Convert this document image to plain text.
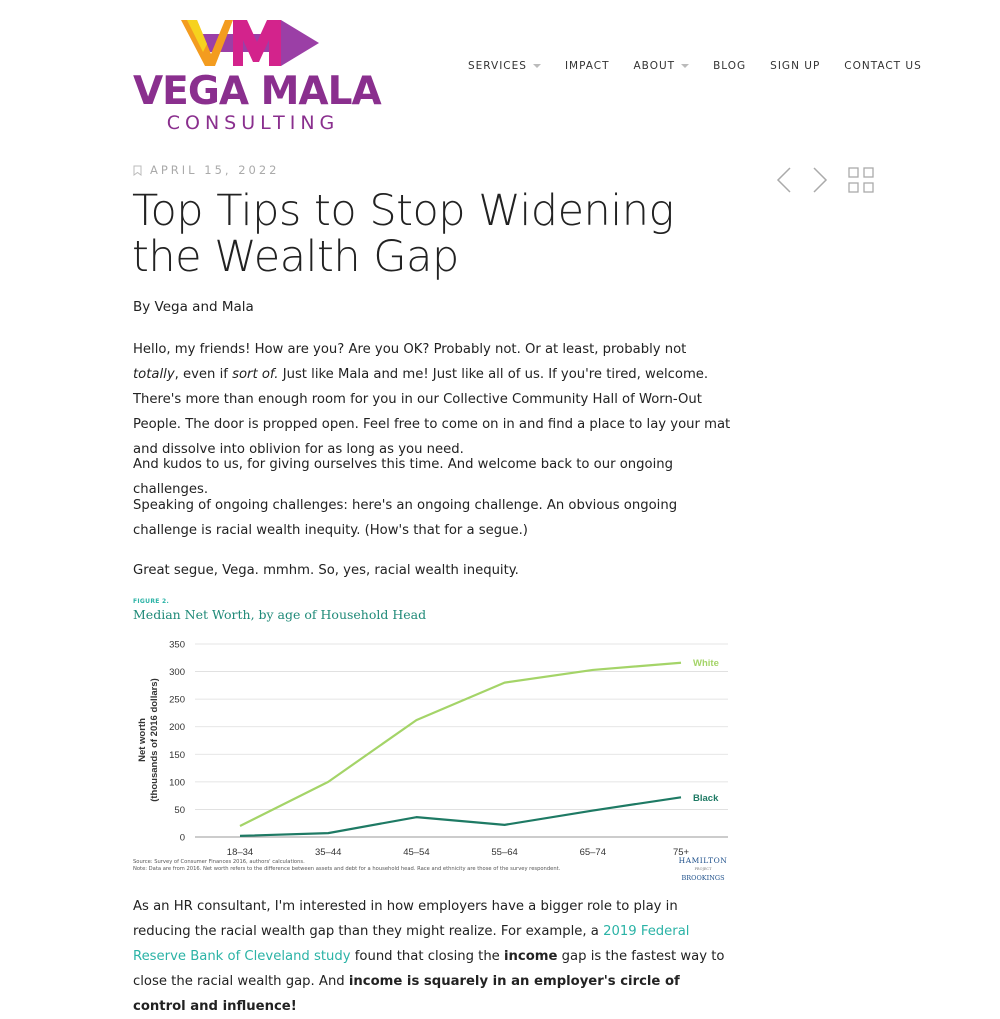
VEGA MALA
CONSULTING
SERVICES	IMPACT ABOUT	BLOG SIGN UP CONTACT US
APRIL 15, 2022
Top Tips to Stop Widening
the Wealth Gap
By Vega and Mala

Hello, my friends! How are you? Are you OK? Probably not. Or at least, probably not totally, even if sort of. Just like Mala and me! Just like all of us. If you're tired, welcome. There's more than enough room for you in our Collective Community Hall of Worn-Out People. The door is propped open. Feel free to come on in and find a place to lay your mat and dissolve into oblivion for as long as you need.

And kudos to us, for giving ourselves this time. And welcome back to our ongoing challenges.

Speaking of ongoing challenges: here's an ongoing challenge. An obvious ongoing challenge is racial wealth inequity. (How's that for a segue.)

Great segue, Vega. mmhm. So, yes, racial wealth inequity.

FIGURE 2.
Median Net Worth, by age of Household Head
0
50
100
150
200
250
300
350
18–34	35–44	45–54	55–64	65–74	75+
Net worth (thousands of 2016 dollars)
White
Black
Source: Survey of Consumer Finances 2016, authors' calculations.
Note: Data are from 2016. Net worth refers to the difference between assets and debt for a household head. Race and ethnicity are those of the survey respondent.
HAMILTON
PROJECT
BROOKINGS

As an HR consultant, I'm interested in how employers have a bigger role to play in reducing the racial wealth gap than they might realize. For example, a 2019 Federal Reserve Bank of Cleveland study found that closing the income gap is the fastest way to close the racial wealth gap. And income is squarely in an employer's circle of control and influence!
